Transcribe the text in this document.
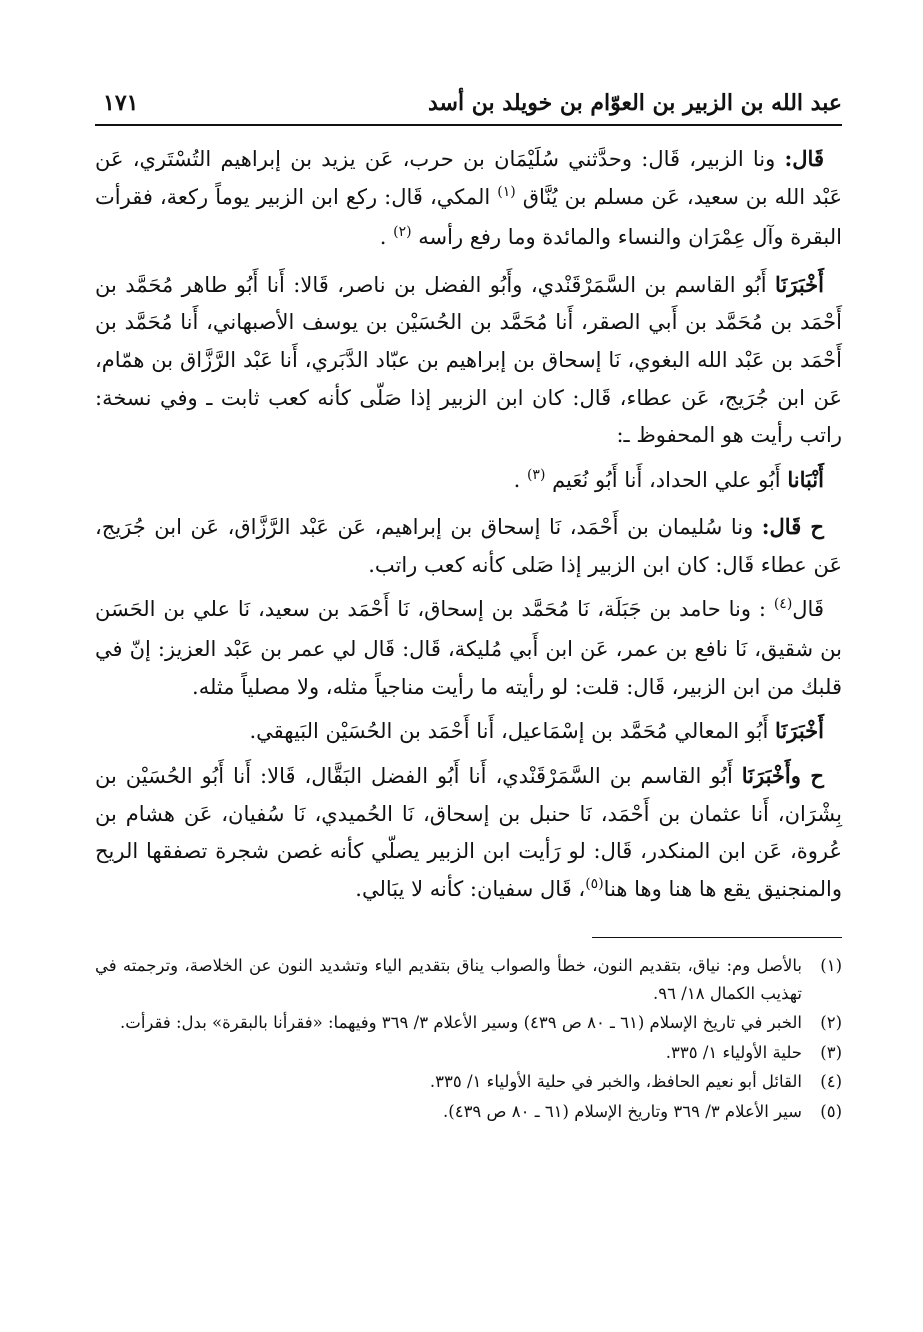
عبد الله بن الزبير بن العوّام بن خويلد بن أسد
١٧١

قَال: ونا الزبير، قَال: وحدَّثني سُلَيْمَان بن حرب، عَن يزيد بن إبراهيم التُسْتَري، عَن عَبْد الله بن سعيد، عَن مسلم بن يُنَّاق $^{(١)}$ المكي، قَال: ركع ابن الزبير يوماً ركعة، فقرأت البقرة وآل عِمْرَان والنساء والمائدة وما رفع رأسه $^{(٢)}$ .

أَخْبَرَنَا أَبُو القاسم بن السَّمَرْقَنْدي، وأَبُو الفضل بن ناصر، قَالا: أَنا أَبُو طاهر مُحَمَّد بن أَحْمَد بن مُحَمَّد بن أَبي الصقر، أَنا مُحَمَّد بن الحُسَيْن بن يوسف الأصبهاني، أَنا مُحَمَّد بن أَحْمَد بن عَبْد الله البغوي، نَا إسحاق بن إبراهيم بن عبّاد الدَّبَري، أَنا عَبْد الرَّزَّاق بن همّام، عَن ابن جُرَيج، عَن عطاء، قَال: كان ابن الزبير إذا صَلّى كأنه كعب ثابت ـ وفي نسخة: راتب رأيت هو المحفوظ ـ:

أَنْبَانا أَبُو علي الحداد، أَنا أَبُو نُعَيم $^{(٣)}$ .

ح قَال: ونا سُليمان بن أَحْمَد، نَا إسحاق بن إبراهيم، عَن عَبْد الرَّزَّاق، عَن ابن جُرَيج، عَن عطاء قَال: كان ابن الزبير إذا صَلى كأنه كعب راتب.

قَال$^{(٤)}$ : ونا حامد بن جَبَلَة، نَا مُحَمَّد بن إسحاق، نَا أَحْمَد بن سعيد، نَا علي بن الحَسَن بن شقيق، نَا نافع بن عمر، عَن ابن أَبي مُليكة، قَال: قَال لي عمر بن عَبْد العزيز: إنّ في قلبك من ابن الزبير، قَال: قلت: لو رأيته ما رأيت مناجياً مثله، ولا مصلياً مثله.

أَخْبَرَنَا أَبُو المعالي مُحَمَّد بن إسْمَاعيل، أَنا أَحْمَد بن الحُسَيْن البَيهقي.

ح وأَخْبَرَنَا أَبُو القاسم بن السَّمَرْقَنْدي، أَنا أَبُو الفضل البَقَّال، قَالا: أَنا أَبُو الحُسَيْن بن بِشْرَان، أَنا عثمان بن أَحْمَد، نَا حنبل بن إسحاق، نَا الحُميدي، نَا سُفيان، عَن هشام بن عُروة، عَن ابن المنكدر، قَال: لو رَأيت ابن الزبير يصلّي كأنه غصن شجرة تصفقها الريح والمنجنيق يقع ها هنا وها هنا$^{(٥)}$، قَال سفيان: كأنه لا يبَالي.

(١)
بالأصل وم: نياق، بتقديم النون، خطأ والصواب يناق بتقديم الياء وتشديد النون عن الخلاصة، وترجمته في تهذيب الكمال ١٨/ ٩٦.
(٢)
الخبر في تاريخ الإسلام (٦١ ـ ٨٠ ص ٤٣٩) وسير الأعلام ٣/ ٣٦٩ وفيهما: «فقرأنا بالبقرة» بدل: فقرأت.
(٣)
حلية الأولياء ١/ ٣٣٥.
(٤)
القائل أبو نعيم الحافظ، والخبر في حلية الأولياء ١/ ٣٣٥.
(٥)
سير الأعلام ٣/ ٣٦٩ وتاريخ الإسلام (٦١ ـ ٨٠ ص ٤٣٩).
